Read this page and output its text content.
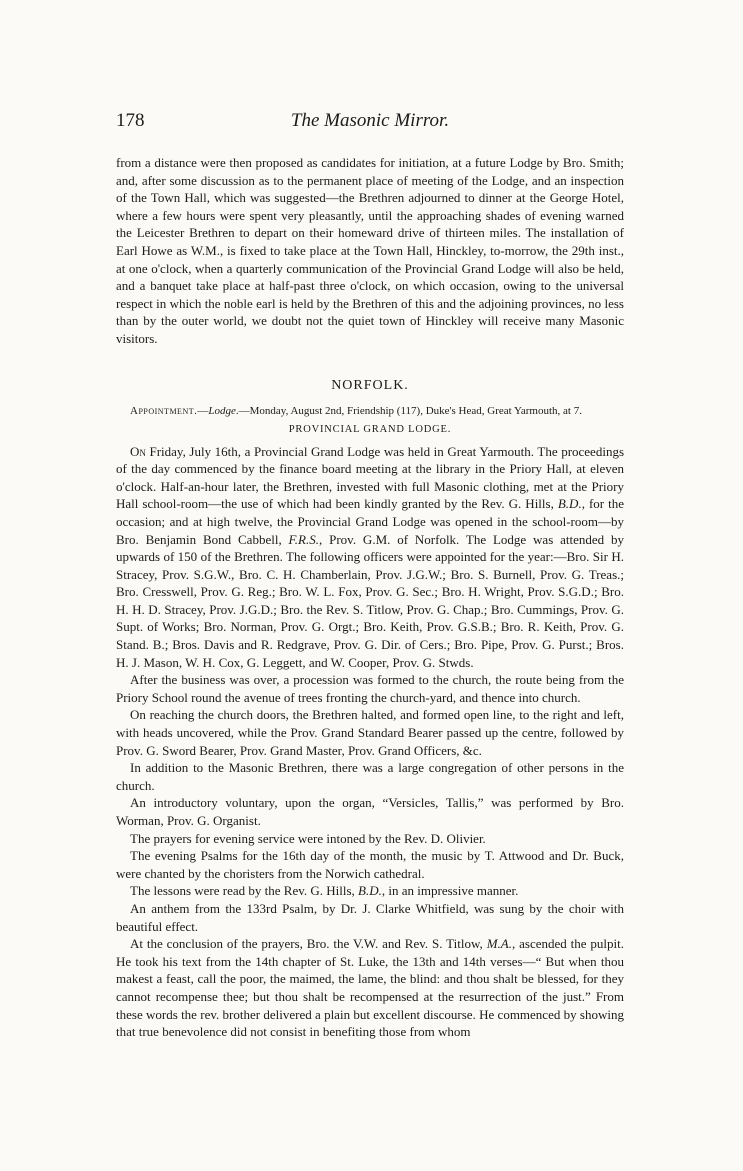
178	The Masonic Mirror.

from a distance were then proposed as candidates for initiation, at a future Lodge by Bro. Smith; and, after some discussion as to the permanent place of meeting of the Lodge, and an inspection of the Town Hall, which was suggested—the Brethren adjourned to dinner at the George Hotel, where a few hours were spent very pleasantly, until the approaching shades of evening warned the Leicester Brethren to depart on their homeward drive of thirteen miles. The installation of Earl Howe as W.M., is fixed to take place at the Town Hall, Hinckley, to-morrow, the 29th inst., at one o'clock, when a quarterly communication of the Provincial Grand Lodge will also be held, and a banquet take place at half-past three o'clock, on which occasion, owing to the universal respect in which the noble earl is held by the Brethren of this and the adjoining provinces, no less than by the outer world, we doubt not the quiet town of Hinckley will receive many Masonic visitors.

NORFOLK.

Appointment.—Lodge.—Monday, August 2nd, Friendship (117), Duke's Head, Great Yarmouth, at 7.

PROVINCIAL GRAND LODGE.

On Friday, July 16th, a Provincial Grand Lodge was held in Great Yarmouth. The proceedings of the day commenced by the finance board meeting at the library in the Priory Hall, at eleven o'clock. Half-an-hour later, the Brethren, invested with full Masonic clothing, met at the Priory Hall school-room—the use of which had been kindly granted by the Rev. G. Hills, B.D., for the occasion; and at high twelve, the Provincial Grand Lodge was opened in the school-room—by Bro. Benjamin Bond Cabbell, F.R.S., Prov. G.M. of Norfolk. The Lodge was attended by upwards of 150 of the Brethren. The following officers were appointed for the year:—Bro. Sir H. Stracey, Prov. S.G.W., Bro. C. H. Chamberlain, Prov. J.G.W.; Bro. S. Burnell, Prov. G. Treas.; Bro. Cresswell, Prov. G. Reg.; Bro. W. L. Fox, Prov. G. Sec.; Bro. H. Wright, Prov. S.G.D.; Bro. H. H. D. Stracey, Prov. J.G.D.; Bro. the Rev. S. Titlow, Prov. G. Chap.; Bro. Cummings, Prov. G. Supt. of Works; Bro. Norman, Prov. G. Orgt.; Bro. Keith, Prov. G.S.B.; Bro. R. Keith, Prov. G. Stand. B.; Bros. Davis and R. Redgrave, Prov. G. Dir. of Cers.; Bro. Pipe, Prov. G. Purst.; Bros. H. J. Mason, W. H. Cox, G. Leggett, and W. Cooper, Prov. G. Stwds.

After the business was over, a procession was formed to the church, the route being from the Priory School round the avenue of trees fronting the church-yard, and thence into church.

On reaching the church doors, the Brethren halted, and formed open line, to the right and left, with heads uncovered, while the Prov. Grand Standard Bearer passed up the centre, followed by Prov. G. Sword Bearer, Prov. Grand Master, Prov. Grand Officers, &c.

In addition to the Masonic Brethren, there was a large congregation of other persons in the church.

An introductory voluntary, upon the organ, “Versicles, Tallis,” was performed by Bro. Worman, Prov. G. Organist.

The prayers for evening service were intoned by the Rev. D. Olivier.

The evening Psalms for the 16th day of the month, the music by T. Attwood and Dr. Buck, were chanted by the choristers from the Norwich cathedral.

The lessons were read by the Rev. G. Hills, B.D., in an impressive manner.

An anthem from the 133rd Psalm, by Dr. J. Clarke Whitfield, was sung by the choir with beautiful effect.

At the conclusion of the prayers, Bro. the V.W. and Rev. S. Titlow, M.A., ascended the pulpit. He took his text from the 14th chapter of St. Luke, the 13th and 14th verses—“ But when thou makest a feast, call the poor, the maimed, the lame, the blind: and thou shalt be blessed, for they cannot recompense thee; but thou shalt be recompensed at the resurrection of the just.” From these words the rev. brother delivered a plain but excellent discourse. He commenced by showing that true benevolence did not consist in benefiting those from whom
